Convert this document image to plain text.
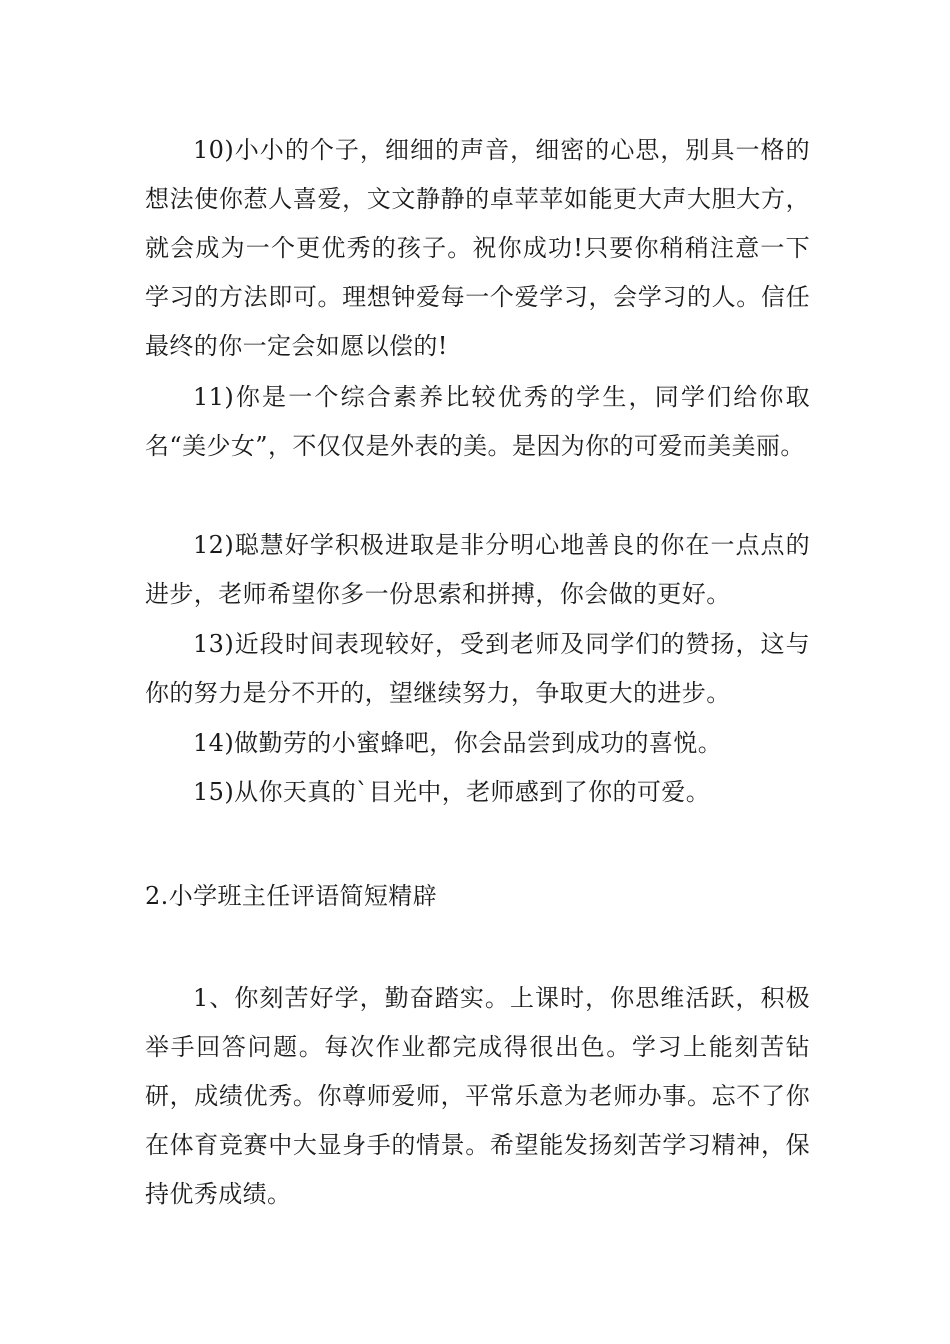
10)小小的个子，细细的声音，细密的心思，别具一格的想法使你惹人喜爱，文文静静的卓苹苹如能更大声大胆大方，就会成为一个更优秀的孩子。祝你成功!只要你稍稍注意一下学习的方法即可。理想钟爱每一个爱学习，会学习的人。信任最终的你一定会如愿以偿的!

11)你是一个综合素养比较优秀的学生，同学们给你取名“美少女”，不仅仅是外表的美。是因为你的可爱而美美丽。

12)聪慧好学积极进取是非分明心地善良的你在一点点的进步，老师希望你多一份思索和拼搏，你会做的更好。

13)近段时间表现较好，受到老师及同学们的赞扬，这与你的努力是分不开的，望继续努力，争取更大的进步。

14)做勤劳的小蜜蜂吧，你会品尝到成功的喜悦。

15)从你天真的`目光中，老师感到了你的可爱。

2.小学班主任评语简短精辟

1、你刻苦好学，勤奋踏实。上课时，你思维活跃，积极举手回答问题。每次作业都完成得很出色。学习上能刻苦钻研，成绩优秀。你尊师爱师，平常乐意为老师办事。忘不了你在体育竞赛中大显身手的情景。希望能发扬刻苦学习精神，保持优秀成绩。
